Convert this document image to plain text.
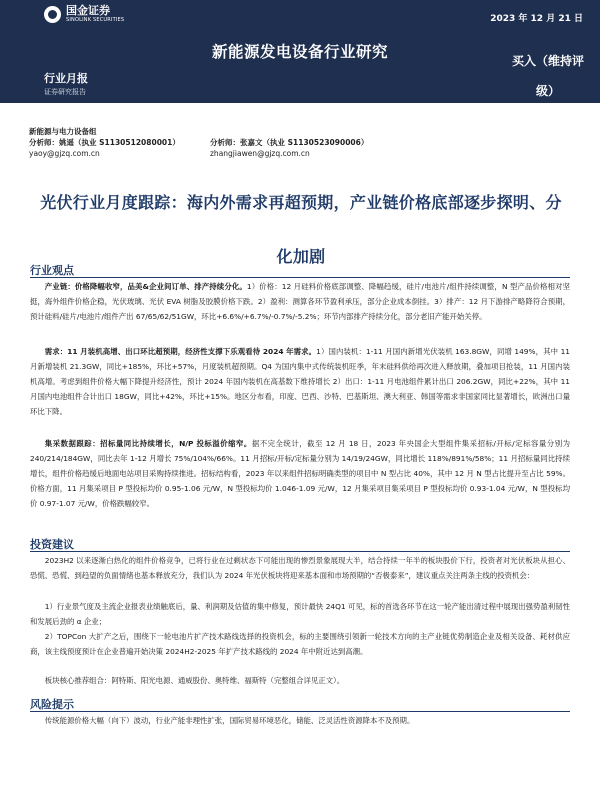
国金证券
SINOLINK SECURITIES	2023 年 12 月 21 日
新能源发电设备行业研究	买入（维持评级）
行业月报
证券研究报告
新能源与电力设备组
分析师：姚遥（执业 S1130512080001）	分析师：张嘉文（执业 S1130523090006）
yaoy@gjzq.com.cn	zhangjiawen@gjzq.com.cn
光伏行业月度跟踪：海内外需求再超预期，产业链价格底部逐步探明、分化加剧
行业观点
产业链：价格降幅收窄，品美&企业间订单、排产持续分化。1）价格：12 月硅料价格底部调整、降幅趋缓，硅片/电池片/组件持续调整，N 型产品价格相对坚挺，海外组件价格企稳，光伏玻璃、光伏 EVA 树脂及胶膜价格下跌。2）盈利：测算各环节盈利承压，部分企业成本倒挂。3）排产：12 月下游排产略降符合预期，预计硅料/硅片/电池片/组件产出 67/65/62/51GW，环比+6.6%/+6.7%/-0.7%/-5.2%；环节内部排产持续分化，部分老旧产能开始关停。
需求：11 月装机高增、出口环比超预期，经济性支撑下乐观看待 2024 年需求。1）国内装机：1-11 月国内新增光伏装机 163.8GW，同增 149%，其中 11 月新增装机 21.3GW，同比+185%，环比+57%，月度装机超预期。Q4 为国内集中式传统装机旺季，年末硅料供给再次进入释放期，叠加项目抢装，11 月国内装机高增。考虑到组件价格大幅下降提升经济性，预计 2024 年国内装机在高基数下维持增长 2）出口：1-11 月电池组件累计出口 206.2GW，同比+22%，其中 11 月国内电池组件合计出口 18GW，同比+42%，环比+15%。地区分布看，印度、巴西、沙特、巴基斯坦、澳大利亚、韩国等需求非国家同比显著增长，欧洲出口量环比下降。
集采数据跟踪：招标量同比持续增长，N/P 投标溢价缩窄。据不完全统计，截至 12 月 18 日，2023 年央国企大型组件集采招标/开标/定标容量分别为 240/214/184GW，同比去年 1-12 月增长 75%/104%/66%。11 月招标/开标/定标量分别为 14/19/24GW，同比增长 118%/891%/58%；11 月招标量同比持续增长，组件价格趋缓后地面电站项目采购持续推进。招标结构看，2023 年以来组件招标明确类型的项目中 N 型占比 40%，其中 12 月 N 型占比提升至占比 59%。价格方面，11 月集采项目 P 型投标均价 0.95-1.06 元/W，N 型投标均价 1.046-1.09 元/W，12 月集采项目集采项目 P 型投标均价 0.93-1.04 元/W，N 型投标均价 0.97-1.07 元/W，价格跌幅较窄。
投资建议
2023H2 以来逐渐白热化的组件价格竞争，已将行业在过剩状态下可能出现的惨烈景象展现大半，结合持续一年半的板块股价下行，投资者对光伏板块从担心、恐慌、恐慌、到趋望的负面情绪也基本释放充分，我们认为 2024 年光伏板块将迎来基本面和市场预期的“否极泰来”，建议重点关注两条主线的投资机会：
1）行业景气度及主流企业报表业绩触底后，量、利润期及估值的集中修复，预计最快 24Q1 可见，标的首选各环节在这一轮产能出清过程中展现出强势盈利韧性和发展后劲的 α 企业；
2）TOPCon 大扩产之后，围绕下一轮电池片扩产技术路线选择的投资机会，标的主要围绕引领新一轮技术方向的主产业链优势制造企业及相关设备、耗材供应商，该主线预度预计在企业普遍开始决策 2024H2-2025 年扩产技术路线的 2024 年中附近达到高潮。
板块核心推荐组合：阿特斯、阳光电源、通威股份、奥特维、福斯特（完整组合详见正文）。
风险提示
传统能源价格大幅（向下）波动，行业产能非理性扩张，国际贸易环境恶化，储能、泛灵活性资源降本不及预期。
